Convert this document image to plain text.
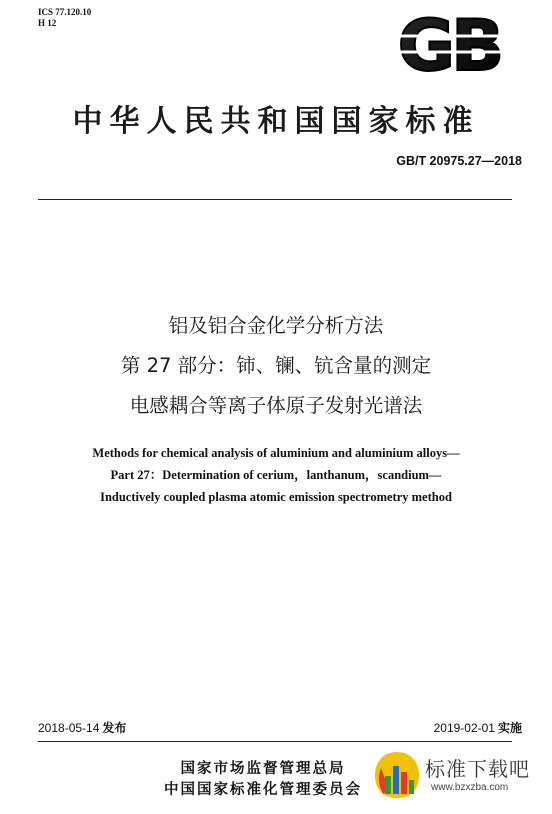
ICS 77.120.10
H 12	GB
中华人民共和国国家标准
GB/T 20975.27—2018
铝及铝合金化学分析方法
第 27 部分：铈、镧、钪含量的测定
电感耦合等离子体原子发射光谱法
Methods for chemical analysis of aluminium and aluminium alloys—
Part 27：Determination of cerium，lanthanum，scandium—
Inductively coupled plasma atomic emission spectrometry method
2018-05-14 发布	2019-02-01 实施
国家市场监督管理总局
中国国家标准化管理委员会
标准下载吧
www.bzxzba.com
